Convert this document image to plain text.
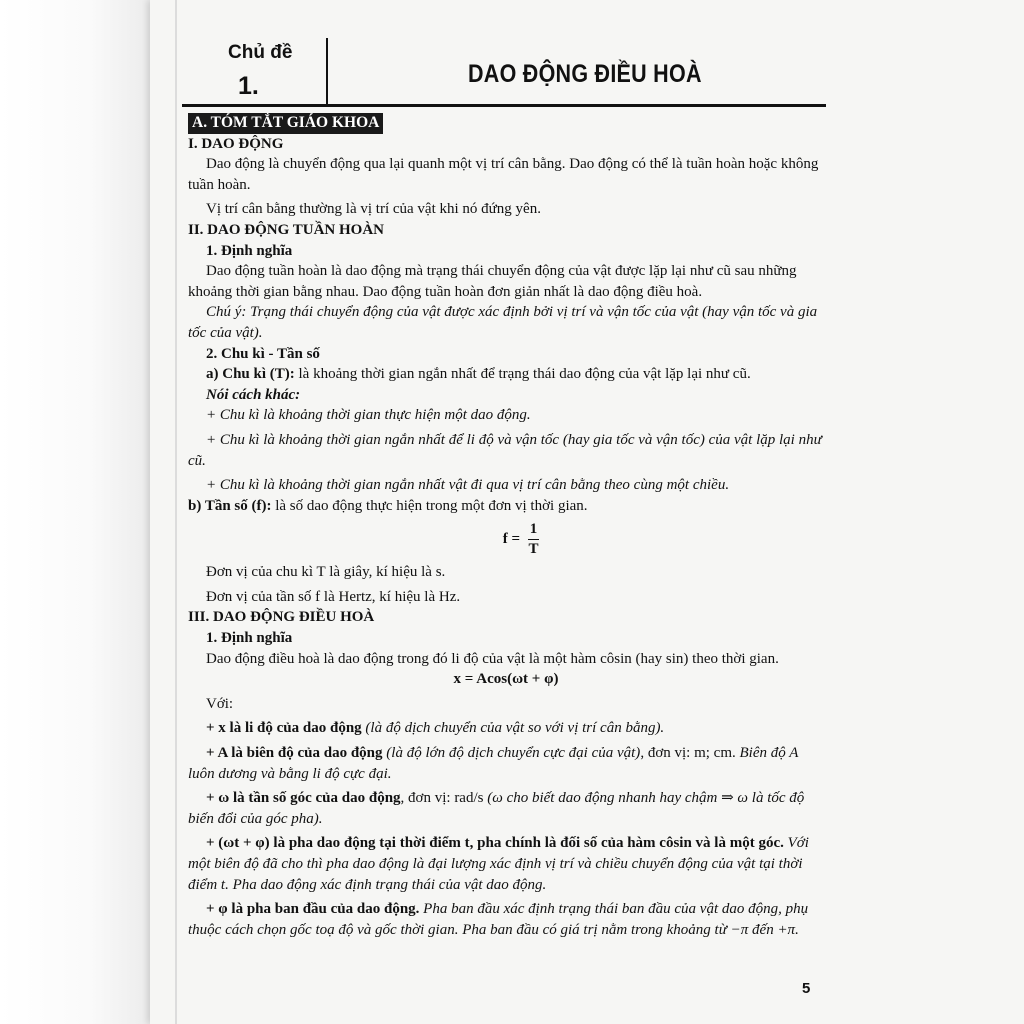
Chủ đề
1.	DAO ĐỘNG ĐIỀU HOÀ

A. TÓM TẮT GIÁO KHOA

I. DAO ĐỘNG

Dao động là chuyển động qua lại quanh một vị trí cân bằng. Dao động có thể là tuần hoàn hoặc không tuần hoàn.

Vị trí cân bằng thường là vị trí của vật khi nó đứng yên.

II. DAO ĐỘNG TUẦN HOÀN

1. Định nghĩa

Dao động tuần hoàn là dao động mà trạng thái chuyển động của vật được lặp lại như cũ sau những khoảng thời gian bằng nhau. Dao động tuần hoàn đơn giản nhất là dao động điều hoà.

Chú ý: Trạng thái chuyển động của vật được xác định bởi vị trí và vận tốc của vật (hay vận tốc và gia tốc của vật).

2. Chu kì - Tần số

a) Chu kì (T): là khoảng thời gian ngắn nhất để trạng thái dao động của vật lặp lại như cũ.

Nói cách khác:

+ Chu kì là khoảng thời gian thực hiện một dao động.

+ Chu kì là khoảng thời gian ngắn nhất để li độ và vận tốc (hay gia tốc và vận tốc) của vật lặp lại như cũ.

+ Chu kì là khoảng thời gian ngắn nhất vật đi qua vị trí cân bằng theo cùng một chiều.

b) Tần số (f): là số dao động thực hiện trong một đơn vị thời gian.

$f = \frac{1}{T}$

Đơn vị của chu kì T là giây, kí hiệu là s.

Đơn vị của tần số f là Hertz, kí hiệu là Hz.

III. DAO ĐỘNG ĐIỀU HOÀ

1. Định nghĩa

Dao động điều hoà là dao động trong đó li độ của vật là một hàm côsin (hay sin) theo thời gian.

x = Acos(ωt + φ)

Với:

+ x là li độ của dao động (là độ dịch chuyển của vật so với vị trí cân bằng).

+ A là biên độ của dao động (là độ lớn độ dịch chuyển cực đại của vật), đơn vị: m; cm. Biên độ A luôn dương và bằng li độ cực đại.

+ ω là tần số góc của dao động, đơn vị: rad/s (ω cho biết dao động nhanh hay chậm ⇒ ω là tốc độ biến đổi của góc pha).

+ (ωt + φ) là pha dao động tại thời điểm t, pha chính là đối số của hàm côsin và là một góc. Với một biên độ đã cho thì pha dao động là đại lượng xác định vị trí và chiều chuyển động của vật tại thời điểm t. Pha dao động xác định trạng thái của vật dao động.

+ φ là pha ban đầu của dao động. Pha ban đầu xác định trạng thái ban đầu của vật dao động, phụ thuộc cách chọn gốc toạ độ và gốc thời gian. Pha ban đầu có giá trị nằm trong khoảng từ −π đến +π.

5
